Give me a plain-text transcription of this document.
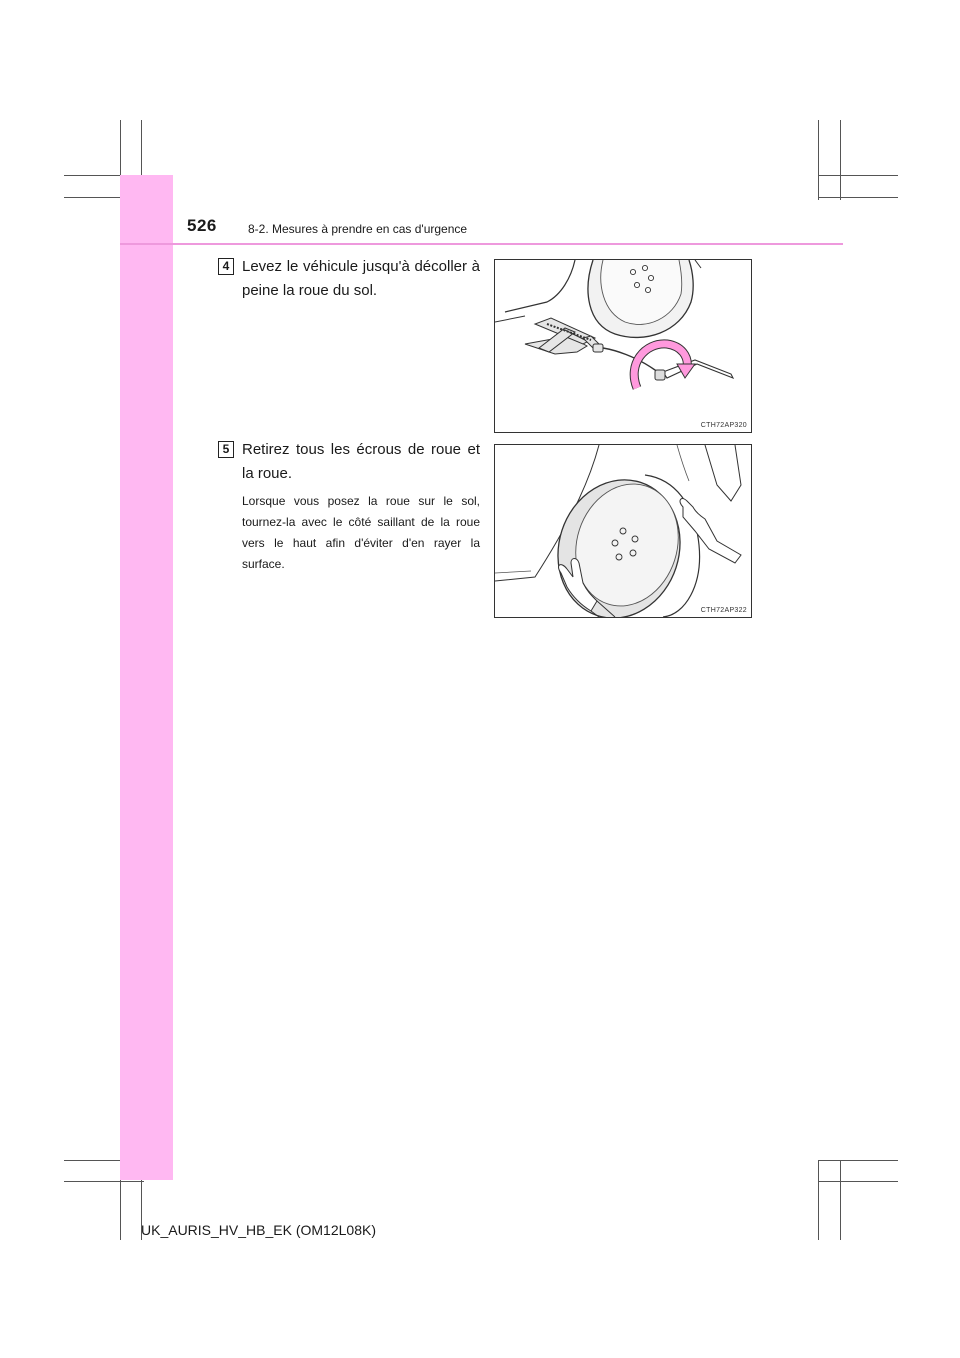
526	8-2. Mesures à prendre en cas d'urgence
4 Levez le véhicule jusqu'à décoller à peine la roue du sol.
CTH72AP320
5 Retirez tous les écrous de roue et la roue.
Lorsque vous posez la roue sur le sol, tournez-la avec le côté saillant de la roue vers le haut afin d'éviter d'en rayer la surface.
CTH72AP322
UK_AURIS_HV_HB_EK (OM12L08K)
